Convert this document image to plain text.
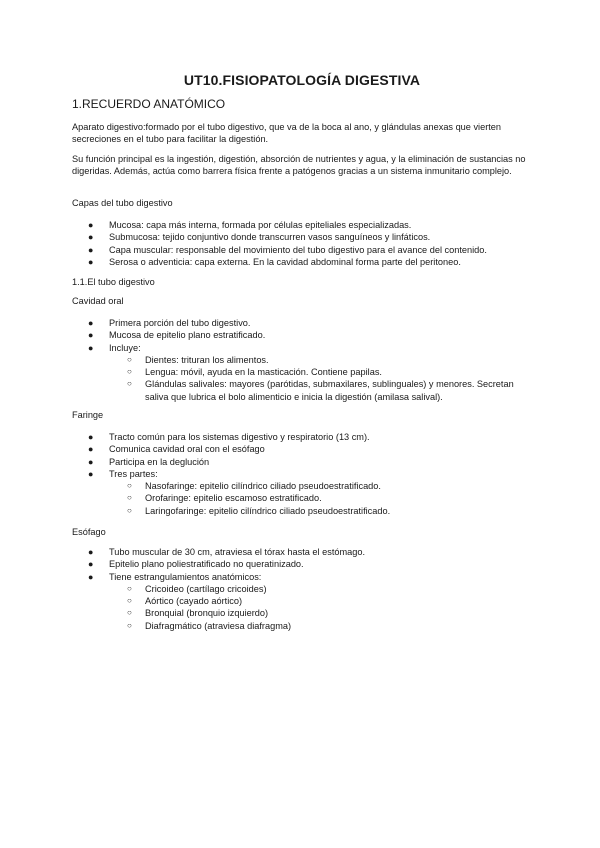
UT10.FISIOPATOLOGÍA DIGESTIVA
1.RECUERDO ANATÓMICO
Aparato digestivo:formado por el tubo digestivo, que va de la boca al ano, y glándulas anexas que vierten secreciones en el tubo para facilitar la digestión.
Su función principal es la ingestión, digestión, absorción de nutrientes y agua, y la eliminación de sustancias no digeridas. Además, actúa como barrera física frente a patógenos gracias a un sistema inmunitario complejo.
Capas del tubo digestivo
● Mucosa: capa más interna, formada por células epiteliales especializadas.
● Submucosa: tejido conjuntivo donde transcurren vasos sanguíneos y linfáticos.
● Capa muscular: responsable del movimiento del tubo digestivo para el avance del contenido.
● Serosa o adventicia: capa externa. En la cavidad abdominal forma parte del peritoneo.
1.1.El tubo digestivo
Cavidad oral
● Primera porción del tubo digestivo.
● Mucosa de epitelio plano estratificado.
● Incluye:
○ Dientes: trituran los alimentos.
○ Lengua: móvil, ayuda en la masticación. Contiene papilas.
○ Glándulas salivales: mayores (parótidas, submaxilares, sublinguales) y menores. Secretan saliva que lubrica el bolo alimenticio e inicia la digestión (amilasa salival).
Faringe
● Tracto común para los sistemas digestivo y respiratorio (13 cm).
● Comunica cavidad oral con el esófago
● Participa en la deglución
● Tres partes:
○ Nasofaringe: epitelio cilíndrico ciliado pseudoestratificado.
○ Orofaringe: epitelio escamoso estratificado.
○ Laringofaringe: epitelio cilíndrico ciliado pseudoestratificado.
Esófago
● Tubo muscular de 30 cm, atraviesa el tórax hasta el estómago.
● Epitelio plano poliestratificado no queratinizado.
● Tiene estrangulamientos anatómicos:
○ Cricoideo (cartílago cricoides)
○ Aórtico (cayado aórtico)
○ Bronquial (bronquio izquierdo)
○ Diafragmático (atraviesa diafragma)
